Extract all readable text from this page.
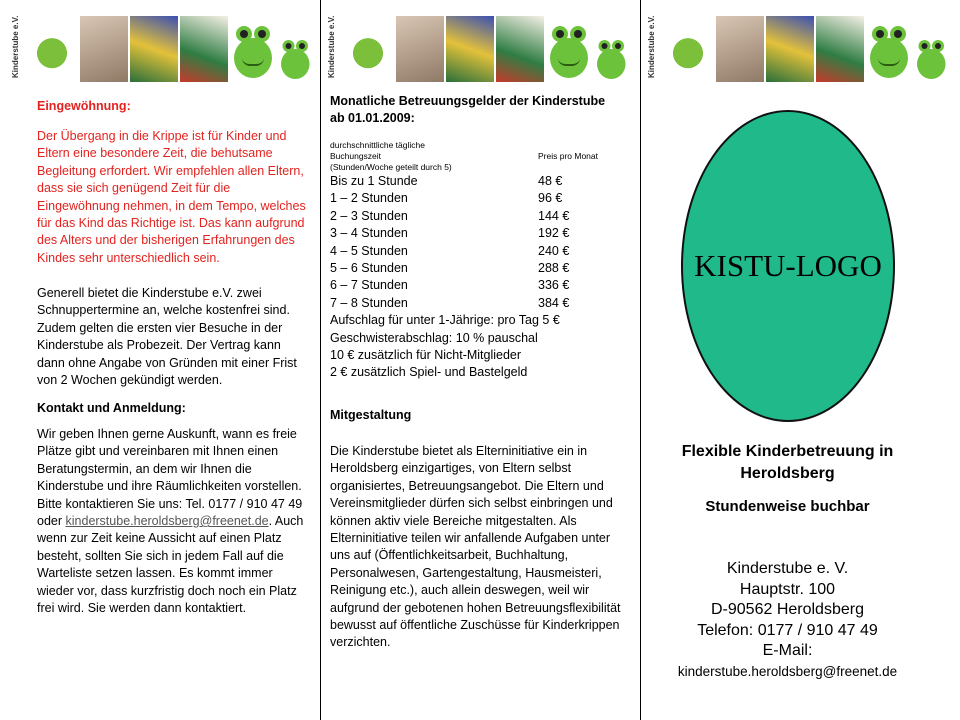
Kinderstube e.V.	Kinderstube e.V.	Kinderstube e.V.
Eingewöhnung:
Der Übergang in die Krippe ist für Kinder und Eltern eine besondere Zeit, die behutsame Begleitung erfordert. Wir empfehlen allen Eltern, dass sie sich genügend Zeit für die Eingewöhnung nehmen, in dem Tempo, welches für das Kind das Richtige ist. Das kann aufgrund des Alters und der bisherigen Erfahrungen des Kindes sehr unterschiedlich sein.
Generell bietet die Kinderstube e.V. zwei Schnuppertermine an, welche kostenfrei sind. Zudem gelten die ersten vier Besuche in der Kinderstube als Probezeit. Der Vertrag kann dann ohne Angabe von Gründen mit einer Frist von 2 Wochen gekündigt werden.
Kontakt und Anmeldung:
Wir geben Ihnen gerne Auskunft, wann es freie Plätze gibt und vereinbaren mit Ihnen einen Beratungstermin, an dem wir Ihnen die Kinderstube und ihre Räumlichkeiten vorstellen. Bitte kontaktieren Sie uns: Tel. 0177 / 910 47 49 oder kinderstube.heroldsberg@freenet.de. Auch wenn zur Zeit keine Aussicht auf einen Platz besteht, sollten Sie sich in jedem Fall auf die Warteliste setzen lassen. Es kommt immer wieder vor, dass kurzfristig doch noch ein Platz frei wird. Sie werden dann kontaktiert.
Monatliche Betreuungsgelder der Kinderstube ab 01.01.2009:
durchschnittliche tägliche
Buchungszeit	Preis pro Monat
(Stunden/Woche geteilt durch 5)
Bis zu 1 Stunde	48 €
1 – 2 Stunden	96 €
2 – 3 Stunden	144 €
3 – 4 Stunden	192 €
4 – 5 Stunden	240 €
5 – 6 Stunden	288 €
6 – 7 Stunden	336 €
7 – 8 Stunden	384 €
Aufschlag für unter 1-Jährige: pro Tag 5 €
Geschwisterabschlag: 10 % pauschal
10 € zusätzlich für Nicht-Mitglieder
2 € zusätzlich Spiel- und Bastelgeld
Mitgestaltung
Die Kinderstube bietet als Elterninitiative ein in Heroldsberg einzigartiges, von Eltern selbst organisiertes, Betreuungsangebot. Die Eltern und Vereinsmitglieder dürfen sich selbst einbringen und können aktiv viele Bereiche mitgestalten. Als Elterninitiative teilen wir anfallende Aufgaben unter uns auf (Öffentlichkeitsarbeit, Buchhaltung, Personalwesen, Gartengestaltung, Hausmeisteri, Reinigung etc.), auch allein deswegen, weil wir aufgrund der gebotenen hohen Betreuungsflexibilität bewusst auf öffentliche Zuschüsse für Kinderkrippen verzichten.
KISTU-LOGO
Flexible Kinderbetreuung in Heroldsberg
Stundenweise buchbar
Kinderstube e. V.
Hauptstr. 100
D-90562 Heroldsberg
Telefon: 0177 / 910 47 49
E-Mail:
kinderstube.heroldsberg@freenet.de
